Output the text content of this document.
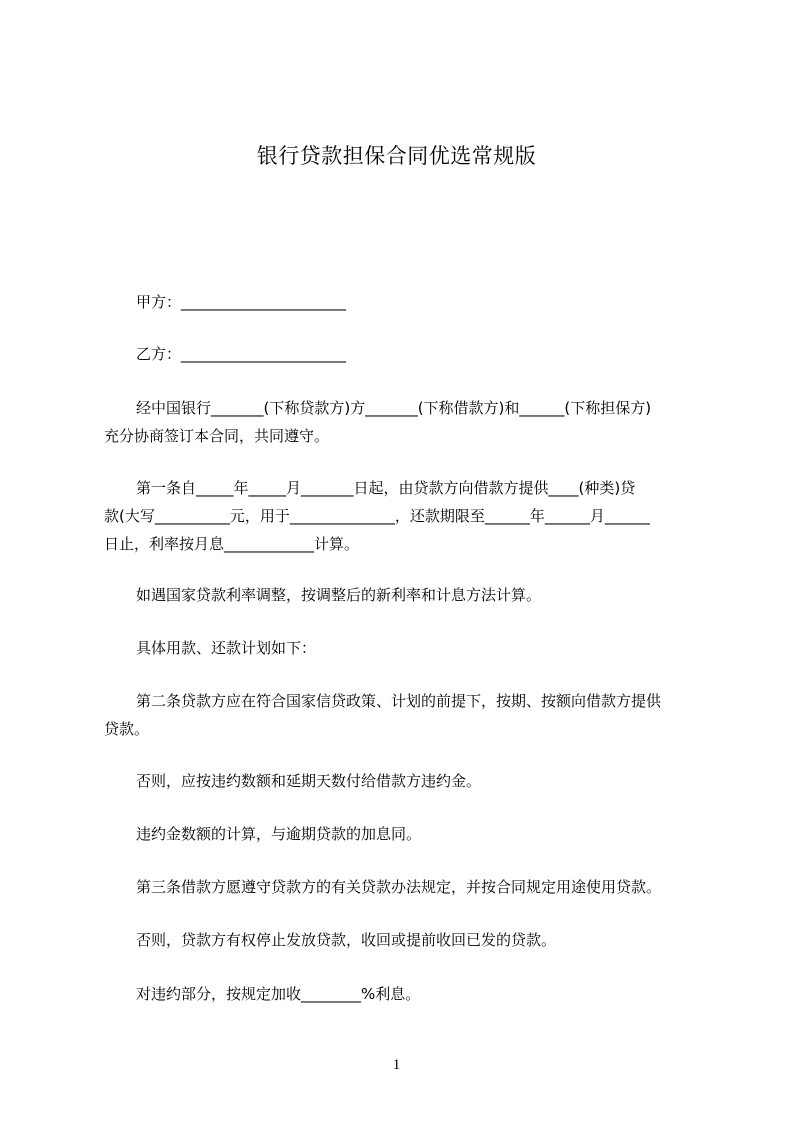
银行贷款担保合同优选常规版

甲方：______________________

乙方：______________________

经中国银行_______(下称贷款方)方_______(下称借款方)和______(下称担保方)

充分协商签订本合同，共同遵守。

第一条自_____年_____月_______日起，由贷款方向借款方提供____(种类)贷

款(大写__________元，用于______________，还款期限至______年______月______

日止，利率按月息____________计算。

如遇国家贷款利率调整，按调整后的新利率和计息方法计算。

具体用款、还款计划如下：

第二条贷款方应在符合国家信贷政策、计划的前提下，按期、按额向借款方提供

贷款。

否则，应按违约数额和延期天数付给借款方违约金。

违约金数额的计算，与逾期贷款的加息同。

第三条借款方愿遵守贷款方的有关贷款办法规定，并按合同规定用途使用贷款。

否则，贷款方有权停止发放贷款，收回或提前收回已发的贷款。

对违约部分，按规定加收________%利息。

1
